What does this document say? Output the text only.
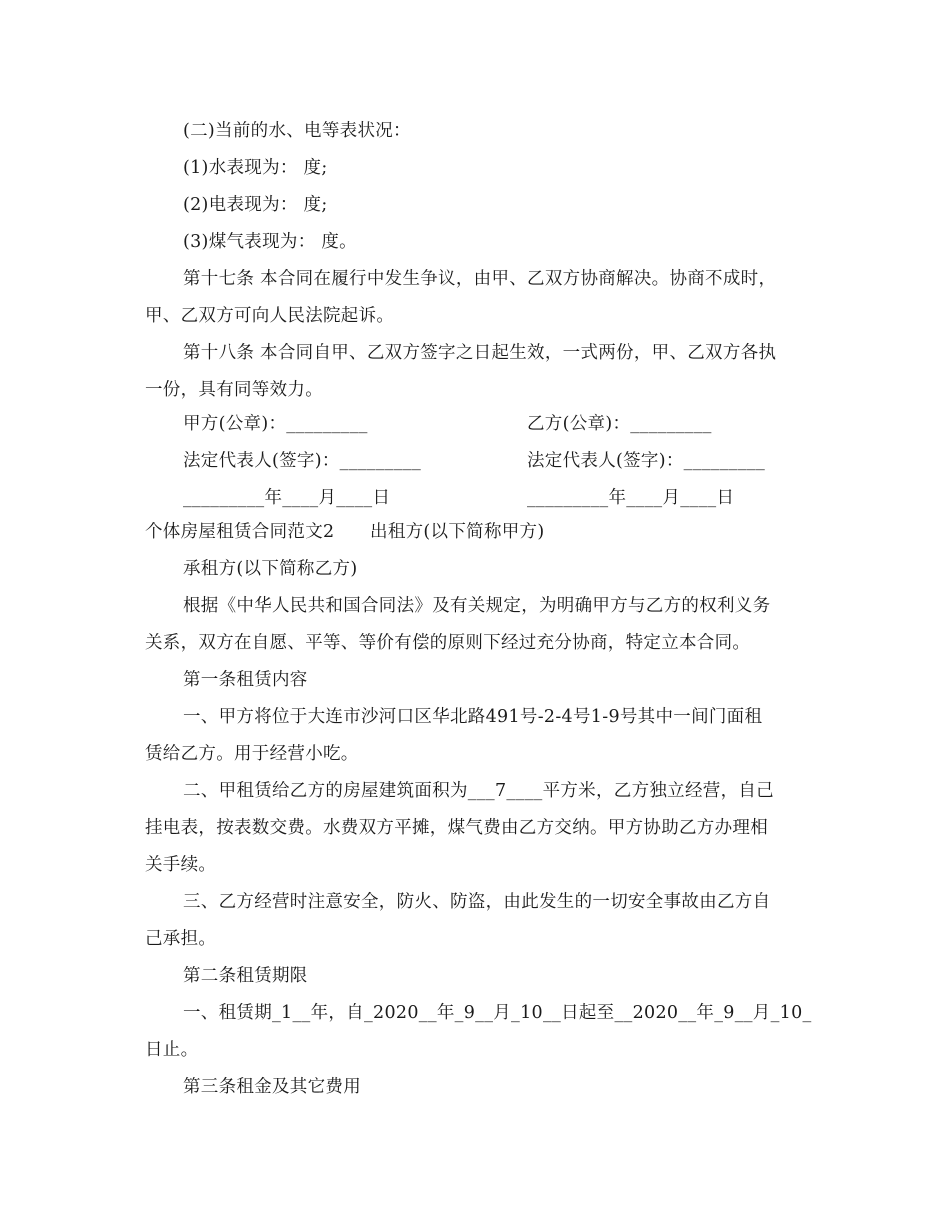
(二)当前的水、电等表状况：
(1)水表现为： 度;
(2)电表现为： 度;
(3)煤气表现为： 度。
第十七条 本合同在履行中发生争议，由甲、乙双方协商解决。协商不成时，
甲、乙双方可向人民法院起诉。
第十八条 本合同自甲、乙双方签字之日起生效，一式两份，甲、乙双方各执
一份，具有同等效力。
甲方(公章)：_________	乙方(公章)：_________
法定代表人(签字)：_________	法定代表人(签字)：_________
_________年____月____日	_________年____月____日
个体房屋租赁合同范文2　　出租方(以下简称甲方)
承租方(以下简称乙方)
根据《中华人民共和国合同法》及有关规定，为明确甲方与乙方的权利义务
关系，双方在自愿、平等、等价有偿的原则下经过充分协商，特定立本合同。
第一条租赁内容
一、甲方将位于大连市沙河口区华北路491号-2-4号1-9号其中一间门面租
赁给乙方。用于经营小吃。
二、甲租赁给乙方的房屋建筑面积为___7____平方米，乙方独立经营，自己
挂电表，按表数交费。水费双方平摊，煤气费由乙方交纳。甲方协助乙方办理相
关手续。
三、乙方经营时注意安全，防火、防盗，由此发生的一切安全事故由乙方自
己承担。
第二条租赁期限
一、租赁期_1__年，自_2020__年_9__月_10__日起至__2020__年_9__月_10_
日止。
第三条租金及其它费用
